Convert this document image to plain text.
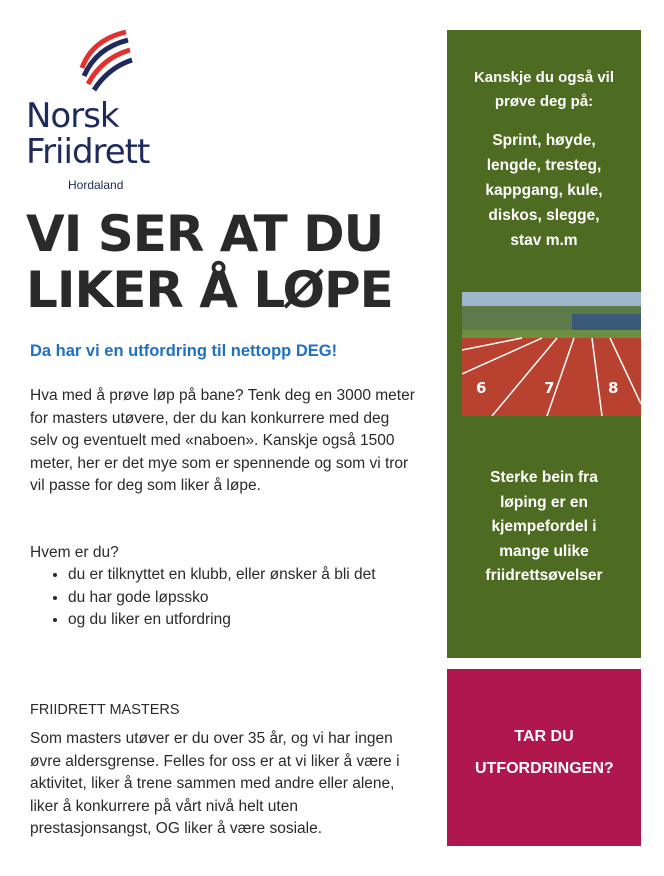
Norsk
Friidrett
Hordaland
VI SER AT DU
LIKER Å LØPE

Da har vi en utfordring til nettopp DEG!

Hva med å prøve løp på bane? Tenk deg en 3000 meter for masters utøvere, der du kan konkurrere med deg selv og eventuelt med «naboen». Kanskje også 1500 meter, her er det mye som er spennende og som vi tror vil passe for deg som liker å løpe.

Hvem er du?

• du er tilknyttet en klubb, eller ønsker å bli det
• du har gode løpssko
• og du liker en utfordring

FRIIDRETT MASTERS

Som masters utøver er du over 35 år, og vi har ingen øvre aldersgrense. Felles for oss er at vi liker å være i aktivitet, liker å trene sammen med andre eller alene, liker å konkurrere på vårt nivå helt uten prestasjonsangst, OG liker å være sosiale.

Kanskje du også vil prøve deg på:

Sprint, høyde, lengde, tresteg, kappgang, kule, diskos, slegge, stav m.m

Sterke bein fra løping er en kjempefordel i mange ulike friidrettsøvelser

6	7	8

TAR DU UTFORDRINGEN?
